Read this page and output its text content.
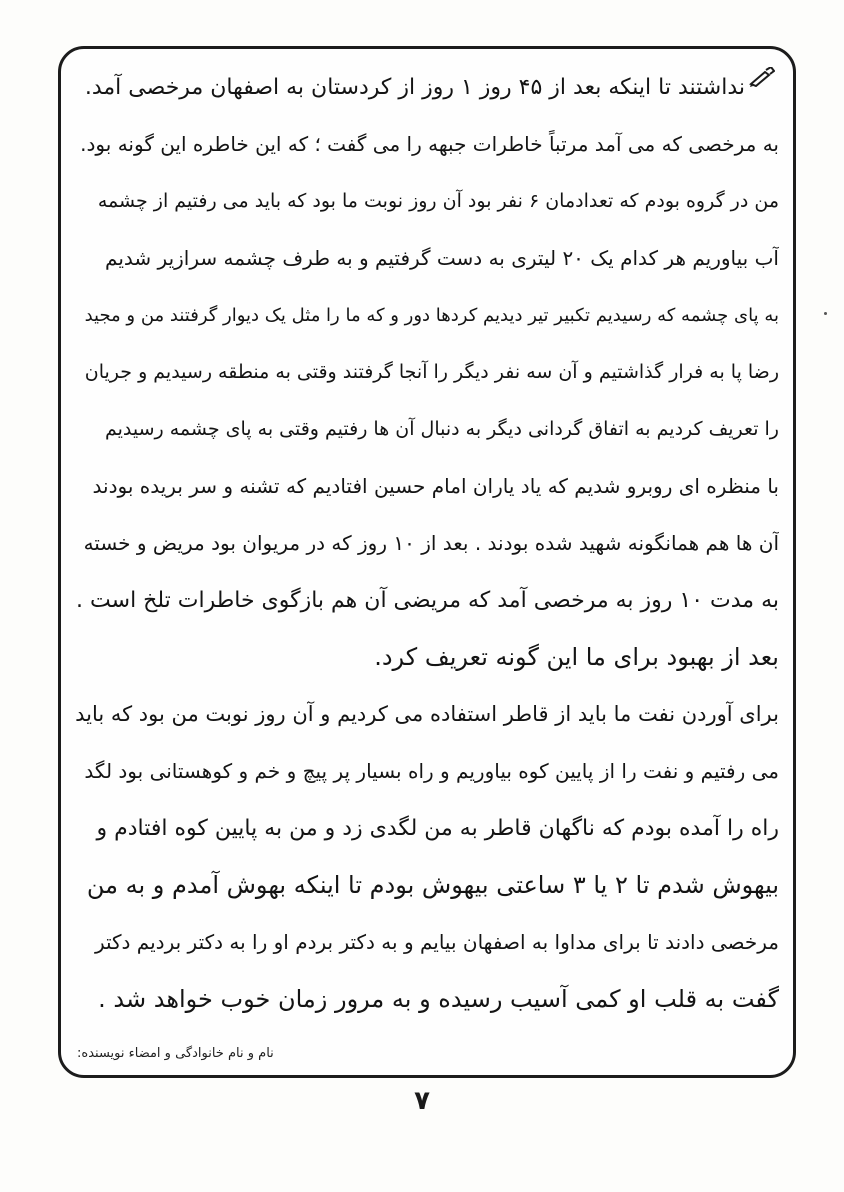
نداشتند تا اینکه بعد از ۴۵ روز ۱ روز از کردستان به اصفهان مرخصی آمد.
به مرخصی که می آمد مرتباً خاطرات جبهه را می گفت ؛ که این خاطره این گونه بود.
من در گروه بودم که تعدادمان ۶ نفر بود آن روز نوبت ما بود که باید می رفتیم از چشمه
آب بیاوریم هر کدام یک ۲۰ لیتری به دست گرفتیم و به طرف چشمه سرازیر شدیم
به پای چشمه که رسیدیم تکبیر تیر دیدیم کردها دور و که ما را مثل یک دیوار گرفتند من و مجید
رضا پا به فرار گذاشتیم و آن سه نفر دیگر را آنجا گرفتند وقتی به منطقه رسیدیم و جریان
را تعریف کردیم به اتفاق گردانی دیگر به دنبال آن ها رفتیم وقتی به پای چشمه رسیدیم
با منظره ای روبرو شدیم که یاد یاران امام حسین افتادیم که تشنه و سر بریده بودند
آن ها هم همانگونه شهید شده بودند . بعد از ۱۰ روز که در مریوان بود مریض و خسته
به مدت ۱۰ روز به مرخصی آمد که مریضی آن هم بازگوی خاطرات تلخ است .
بعد از بهبود برای ما این گونه تعریف کرد.
برای آوردن نفت ما باید از قاطر استفاده می کردیم و آن روز نوبت من بود که باید
می رفتیم و نفت را از پایین کوه بیاوریم و راه بسیار پر پیچ و خم و کوهستانی بود لگد
راه را آمده بودم که ناگهان قاطر به من لگدی زد و من به پایین کوه افتادم و
بیهوش شدم تا ۲ یا ۳ ساعتی بیهوش بودم تا اینکه بهوش آمدم و به من
مرخصی دادند تا برای مداوا به اصفهان بیایم و به دکتر بردم او را به دکتر بردیم دکتر
گفت به قلب او کمی آسیب رسیده و به مرور زمان خوب خواهد شد .
نام و نام خانوادگی و امضاء نویسنده:
۷
